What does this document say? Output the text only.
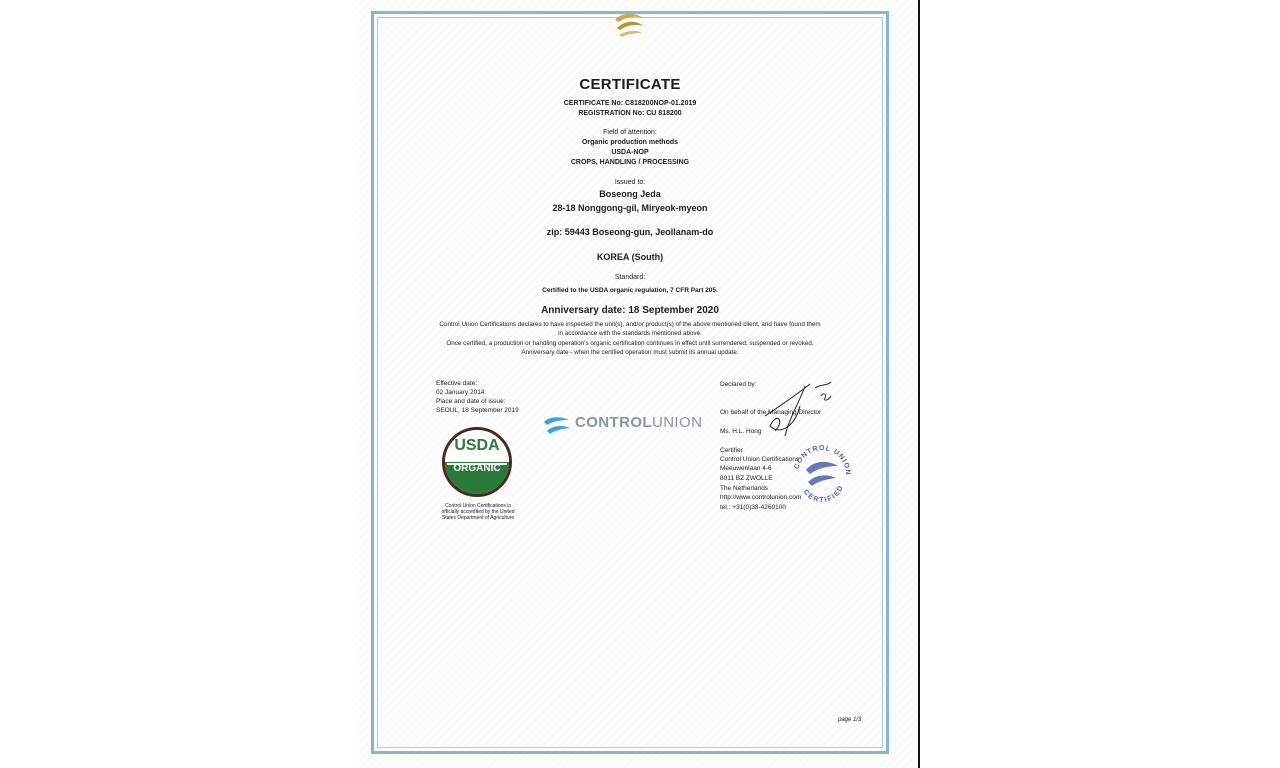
CERTIFICATE
CERTIFICATE No: C818200NOP-01.2019
REGISTRATION No: CU 818200
Field of attention:
Organic production methods
USDA-NOP
CROPS, HANDLING / PROCESSING
Issued to:
Boseong Jeda
28-18 Nonggong-gil, Miryeok-myeon
zip: 59443 Boseong-gun, Jeollanam-do
KOREA (South)
Standard:
Certified to the USDA organic regulation, 7 CFR Part 205.
Anniversary date: 18 September 2020
Control Union Certifications declares to have inspected the unit(s), and/or product(s) of the above mentioned client, and have found them
in accordance with the standards mentioned above.
Once certified, a production or handling operation's organic certification continues in effect until surrendered, suspended or revoked.
Anniversary date - when the certified operation must submit its annual update.
Effective date:
02 January 2014
Place and date of issue:
SEOUL, 18 September 2019
USDA
ORGANIC
Control Union Certifications is
officially accredited by the United
States Department of Agriculture
CONTROLUNION
Declared by:
On behalf of the Managing Director
Ms. H.L. Hong
Certifier
Control Union Certifications
Meeuwenlaan 4-6
8011 BZ ZWOLLE
The Netherlands
http://www.controlunion.com
tel.: +31(0)38-4260100
CONTROL UNION
CERTIFIED
page 1/3
